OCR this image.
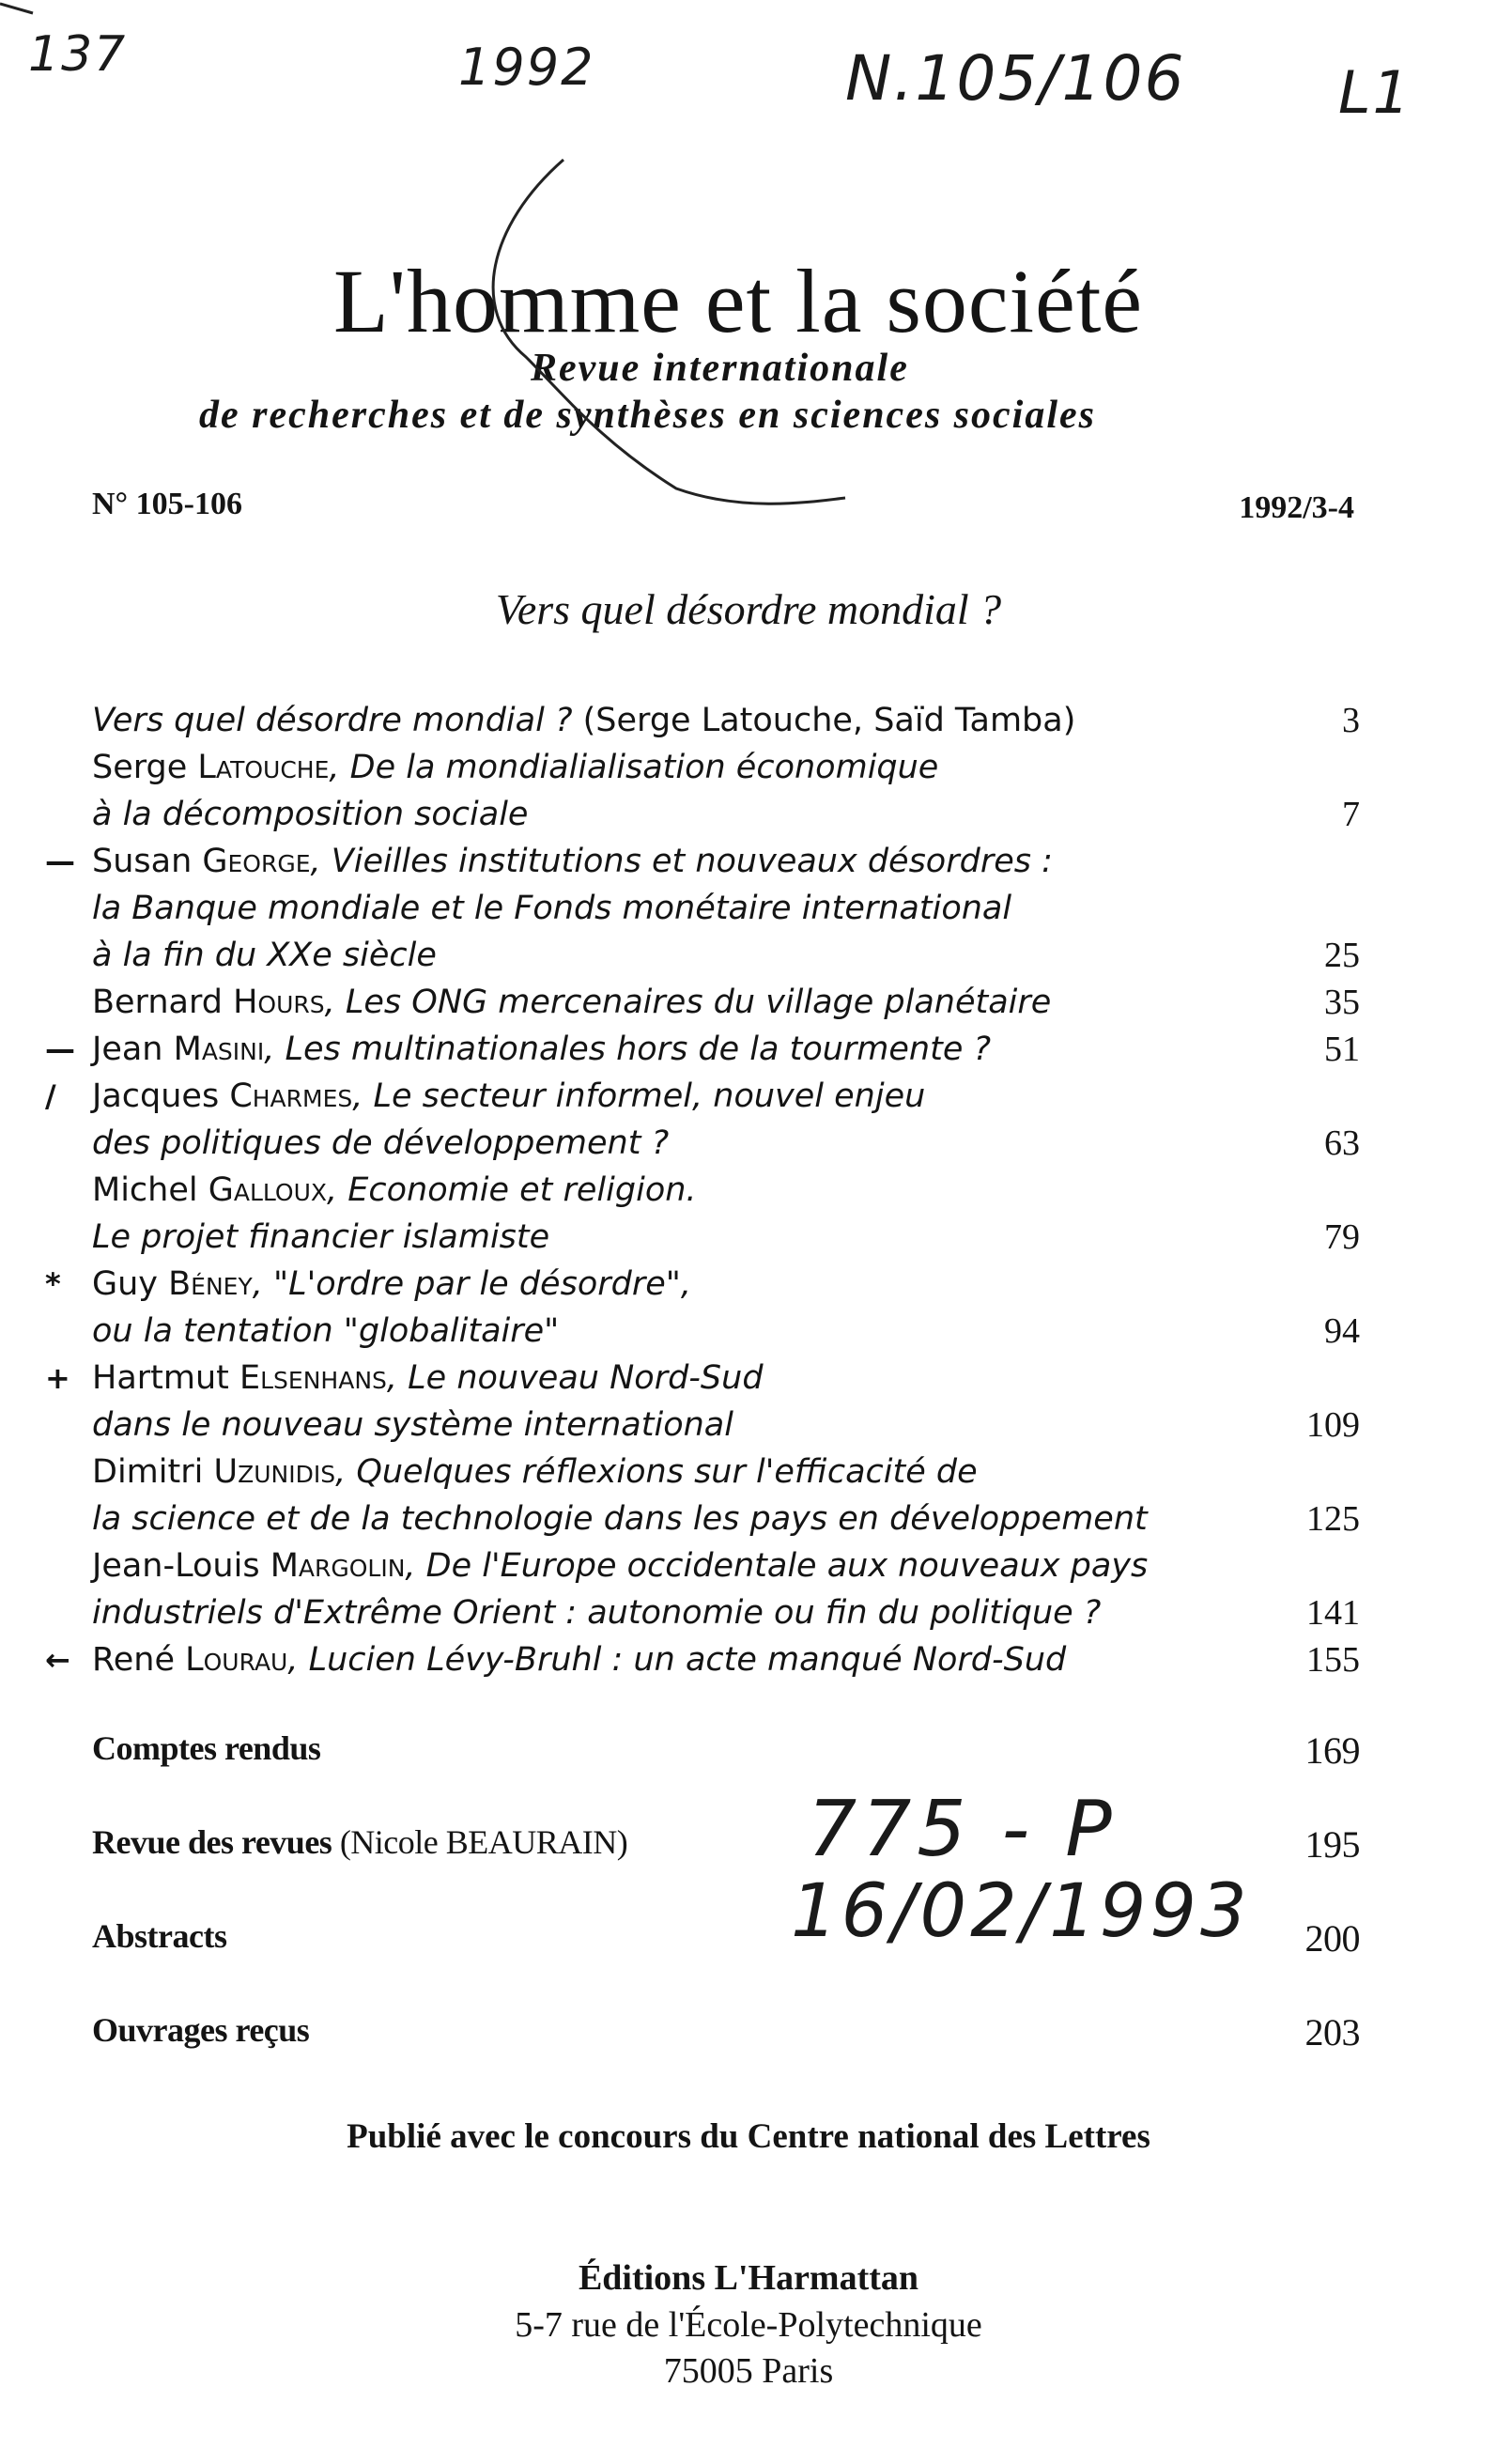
137	1992	N.105/106	L1
L'homme et la société
Revue internationale
de recherches et de synthèses en sciences sociales
N° 105-106	1992/3-4
Vers quel désordre mondial ?
Vers quel désordre mondial ? (Serge Latouche, Saïd Tamba)	3
Serge Latouche, De la mondialialisation économique
à la décomposition sociale	7
— Susan George, Vieilles institutions et nouveaux désordres :
la Banque mondiale et le Fonds monétaire international
à la fin du XXe siècle	25
Bernard Hours, Les ONG mercenaires du village planétaire	35
— Jean Masini, Les multinationales hors de la tourmente ?	51
/ Jacques Charmes, Le secteur informel, nouvel enjeu
des politiques de développement ?	63
Michel Galloux, Economie et religion.
Le projet financier islamiste	79
* Guy Béney, "L'ordre par le désordre",
ou la tentation "globalitaire"	94
+ Hartmut Elsenhans, Le nouveau Nord-Sud
dans le nouveau système international	109
Dimitri Uzunidis, Quelques réflexions sur l'efficacité de
la science et de la technologie dans les pays en développement	125
Jean-Louis Margolin, De l'Europe occidentale aux nouveaux pays
industriels d'Extrême Orient : autonomie ou fin du politique ?	141
← René Lourau, Lucien Lévy-Bruhl : un acte manqué Nord-Sud	155
Comptes rendus	169
Revue des revues (Nicole BEAURAIN)	195
Abstracts	200
Ouvrages reçus	203
775 - P
16/02/1993
Publié avec le concours du Centre national des Lettres
Éditions L'Harmattan
5-7 rue de l'École-Polytechnique
75005 Paris
